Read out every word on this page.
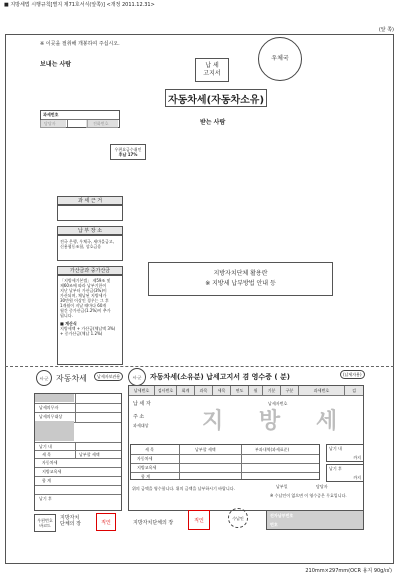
■ 지방세법 시행규칙[별지 제71호서식(앞쪽)] <개정 2011.12.31>
(앞 쪽)
※ 이곳을 절취해 개봉하여 주십시오.
우체국
보내는 사람	납 세
고지서
자동차세(자동차소유)
과세번호
받는 사람
우편요금수취인
후납 17%
과 세 근 거
납 부 장 소
전국 은행, 우체국, 새마을금고,
신용협동조합, 상호금융
가산금과 중가산금
「지방세기본법」 제59조 및
제60조에 따라 납부기한이
지난 날부터 가산금(3%)이
가산되며, 체납된 지방세가
30만원 이상인 경우는 그 후
1개월이 지날 때마다 60개
월간 중가산금(1.2%)이 추가
됩니다.
■ 계산식
지방세액 + 가산금(체납액 3%)
+ 중가산금(체납 1.2%)
지방자치단체 활용란
※ 지방세 납부방법 안내 등
시·군 자동차세	납세자보관용
납세의무자
납세의무대상
납기 내
세 목	납부할 세액
자동차세
지방교육세
합 계
납기 후
우편번호
바코드
지방자치
단체의 장	직인
시·군 자동차세(소유분) 납세고지서 겸 영수증 ( 분)	(납세자용)
납세번호	검사번호	회계	과목	세목	연도	월	기분	구분	과세번호	검
납 세 자	납세자번호
주 소
과세대상 지 방 세
세 목	납부할 세액	부과내역(과세표준)
자동차세
지방교육세
합 계
납기 내
까지
납기 후
까지
위의 금액을 영수합니다. 위의 금액을 납부하시기 바랍니다.	납부일	담당자
※ 수납인이 없으면 이 영수증은 무효입니다.
수납인
지방자치단체의 장	직인
전자납부번호
번호
210mm×297mm(OCR 용지 90g/㎡)
